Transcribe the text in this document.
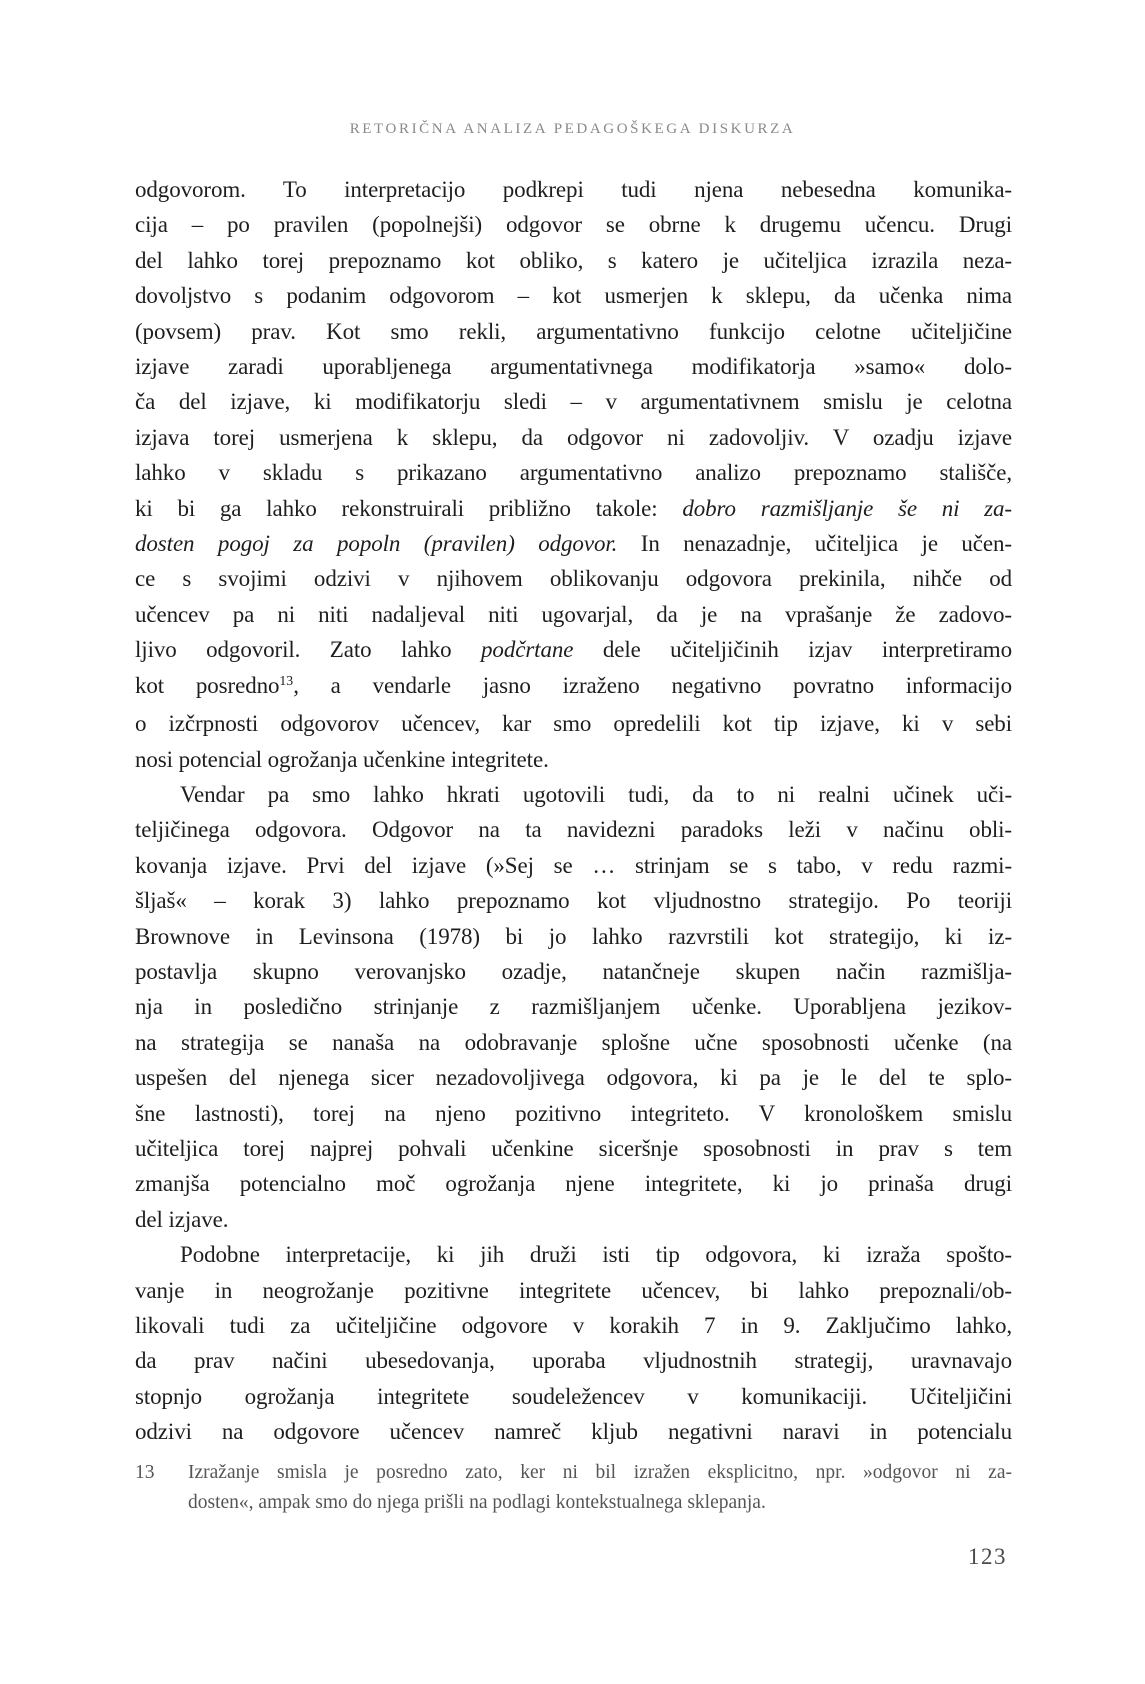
RETORIČNA ANALIZA PEDAGOŠKEGA DISKURZA
odgovorom. To interpretacijo podkrepi tudi njena nebesedna komunika-
cija – po pravilen (popolnejši) odgovor se obrne k drugemu učencu. Drugi
del lahko torej prepoznamo kot obliko, s katero je učiteljica izrazila neza-
dovoljstvo s podanim odgovorom – kot usmerjen k sklepu, da učenka nima
(povsem) prav. Kot smo rekli, argumentativno funkcijo celotne učiteljičine
izjave zaradi uporabljenega argumentativnega modifikatorja »samo« dolo-
ča del izjave, ki modifikatorju sledi – v argumentativnem smislu je celotna
izjava torej usmerjena k sklepu, da odgovor ni zadovoljiv. V ozadju izjave
lahko v skladu s prikazano argumentativno analizo prepoznamo stališče,
ki bi ga lahko rekonstruirali približno takole: dobro razmišljanje še ni za-
dosten pogoj za popoln (pravilen) odgovor. In nenazadnje, učiteljica je učen-
ce s svojimi odzivi v njihovem oblikovanju odgovora prekinila, nihče od
učencev pa ni niti nadaljeval niti ugovarjal, da je na vprašanje že zadovo-
ljivo odgovoril. Zato lahko podčrtane dele učiteljičinih izjav interpretiramo
kot posredno$^{13}$, a vendarle jasno izraženo negativno povratno informacijo
o izčrpnosti odgovorov učencev, kar smo opredelili kot tip izjave, ki v sebi
nosi potencial ogrožanja učenkine integritete.
Vendar pa smo lahko hkrati ugotovili tudi, da to ni realni učinek uči-
teljičinega odgovora. Odgovor na ta navidezni paradoks leži v načinu obli-
kovanja izjave. Prvi del izjave (»Sej se … strinjam se s tabo, v redu razmi-
šljaš« – korak 3) lahko prepoznamo kot vljudnostno strategijo. Po teoriji
Brownove in Levinsona (1978) bi jo lahko razvrstili kot strategijo, ki iz-
postavlja skupno verovanjsko ozadje, natančneje skupen način razmišlja-
nja in posledično strinjanje z razmišljanjem učenke. Uporabljena jezikov-
na strategija se nanaša na odobravanje splošne učne sposobnosti učenke (na
uspešen del njenega sicer nezadovoljivega odgovora, ki pa je le del te splo-
šne lastnosti), torej na njeno pozitivno integriteto. V kronološkem smislu
učiteljica torej najprej pohvali učenkine siceršnje sposobnosti in prav s tem
zmanjša potencialno moč ogrožanja njene integritete, ki jo prinaša drugi
del izjave.
Podobne interpretacije, ki jih druži isti tip odgovora, ki izraža spošto-
vanje in neogrožanje pozitivne integritete učencev, bi lahko prepoznali/ob-
likovali tudi za učiteljičine odgovore v korakih 7 in 9. Zaključimo lahko,
da prav načini ubesedovanja, uporaba vljudnostnih strategij, uravnavajo
stopnjo ogrožanja integritete soudeležencev v komunikaciji. Učiteljičini
odzivi na odgovore učencev namreč kljub negativni naravi in potencialu
13 Izražanje smisla je posredno zato, ker ni bil izražen eksplicitno, npr. »odgovor ni za-
dosten«, ampak smo do njega prišli na podlagi kontekstualnega sklepanja.
123
